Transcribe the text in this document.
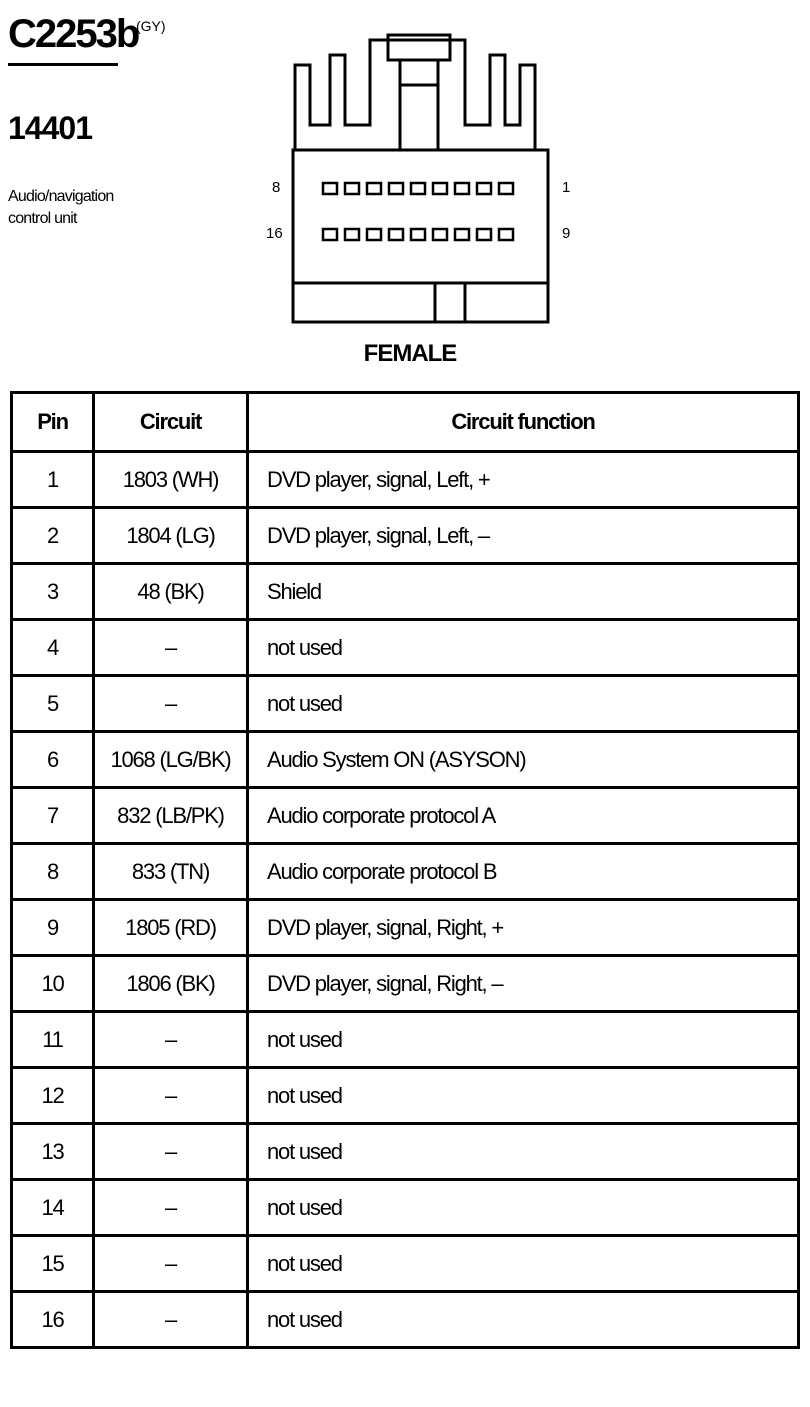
C2253b
(GY)
14401
Audio/navigation
control unit
8	1
16	9
FEMALE
Pin	Circuit	Circuit function
1	1803 (WH)	DVD player, signal, Left, +
2	1804 (LG)	DVD player, signal, Left, –
3	48 (BK)	Shield
4	–	not used
5	–	not used
6	1068 (LG/BK)	Audio System ON (ASYSON)
7	832 (LB/PK)	Audio corporate protocol A
8	833 (TN)	Audio corporate protocol B
9	1805 (RD)	DVD player, signal, Right, +
10	1806 (BK)	DVD player, signal, Right, –
11	–	not used
12	–	not used
13	–	not used
14	–	not used
15	–	not used
16	–	not used
